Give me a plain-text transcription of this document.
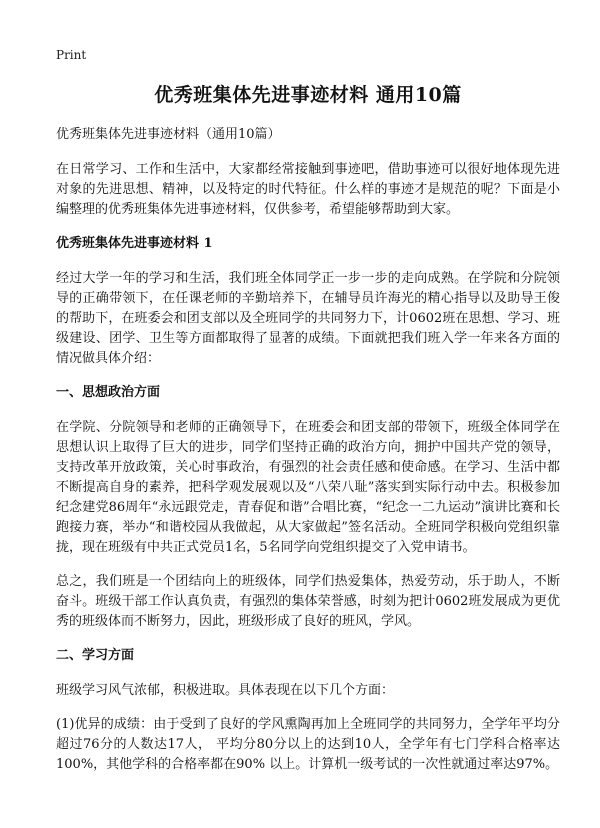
Print
优秀班集体先进事迹材料 通用10篇

优秀班集体先进事迹材料（通用10篇）

在日常学习、工作和生活中，大家都经常接触到事迹吧，借助事迹可以很好地体现先进对象的先进思想、精神，以及特定的时代特征。什么样的事迹才是规范的呢？下面是小编整理的优秀班集体先进事迹材料，仅供参考，希望能够帮助到大家。

优秀班集体先进事迹材料 1

经过大学一年的学习和生活，我们班全体同学正一步一步的走向成熟。在学院和分院领导的正确带领下，在任课老师的辛勤培养下，在辅导员许海光的精心指导以及助导王俊的帮助下，在班委会和团支部以及全班同学的共同努力下，计0602班在思想、学习、班级建设、团学、卫生等方面都取得了显著的成绩。下面就把我们班入学一年来各方面的情况做具体介绍：

一、思想政治方面

在学院、分院领导和老师的正确领导下，在班委会和团支部的带领下，班级全体同学在思想认识上取得了巨大的进步，同学们坚持正确的政治方向，拥护中国共产党的领导，支持改革开放政策，关心时事政治，有强烈的社会责任感和使命感。在学习、生活中都不断提高自身的素养，把科学观发展观以及“八荣八耻”落实到实际行动中去。积极参加纪念建党86周年“永远跟党走，青春促和谐”合唱比赛，“纪念一二九运动”演讲比赛和长跑接力赛，举办“和谐校园从我做起，从大家做起”签名活动。全班同学积极向党组织靠拢，现在班级有中共正式党员1名，5名同学向党组织提交了入党申请书。

总之，我们班是一个团结向上的班级体，同学们热爱集体，热爱劳动，乐于助人，不断奋斗。班级干部工作认真负责，有强烈的集体荣誉感，时刻为把计0602班发展成为更优秀的班级体而不断努力，因此，班级形成了良好的班风，学风。

二、学习方面

班级学习风气浓郁，积极进取。具体表现在以下几个方面：

(1)优异的成绩：由于受到了良好的学风熏陶再加上全班同学的共同努力，全学年平均分超过76分的人数达17人， 平均分80分以上的达到10人，全学年有七门学科合格率达100%，其他学科的合格率都在90% 以上。计算机一级考试的一次性就通过率达97%。
